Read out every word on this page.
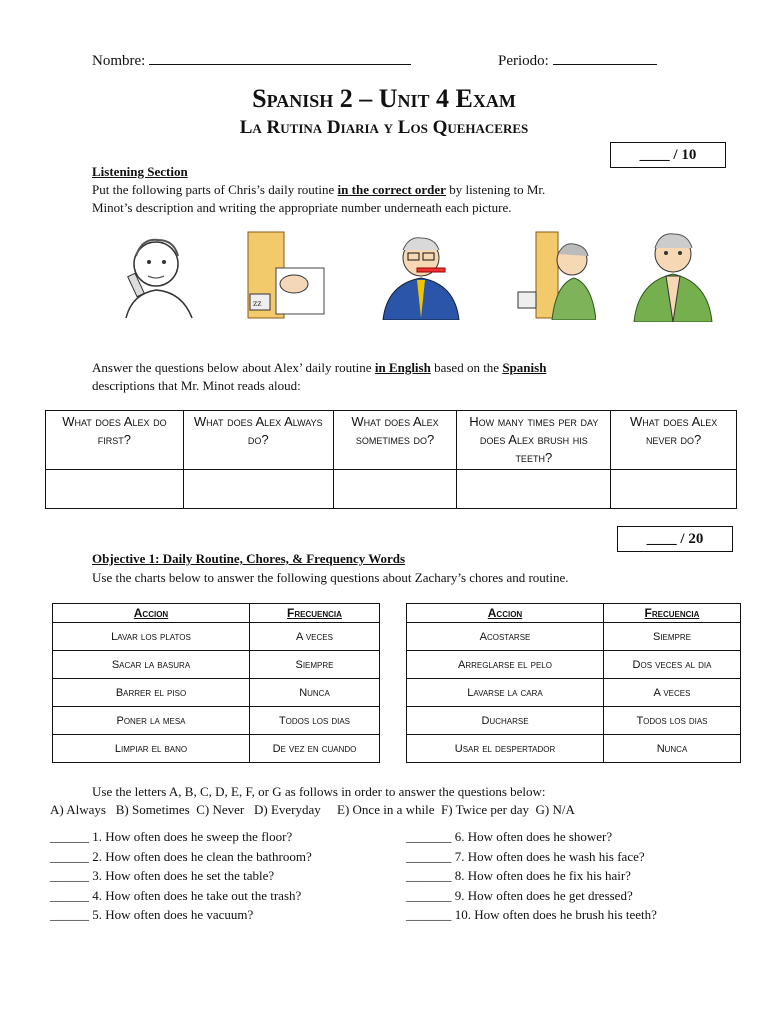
Nombre:	Periodo:
Spanish 2 – Unit 4 Exam
La Rutina Diaria y Los Quehaceres
____ / 10
Listening Section
Put the following parts of Chris’s daily routine in the correct order by listening to Mr.
Minot’s description and writing the appropriate number underneath each picture.
zz
Answer the questions below about Alex’ daily routine in English based on the Spanish
descriptions that Mr. Minot reads aloud:
What does Alex do first?	What does Alex Always do?	What does Alex sometimes do?	How many times per day does Alex brush his teeth?	What does Alex never do?

____ / 20
Objective 1: Daily Routine, Chores, & Frequency Words
Use the charts below to answer the following questions about Zachary’s chores and routine.
Accion	Frecuencia
Lavar los platos	A veces
Sacar la basura	Siempre
Barrer el piso	Nunca
Poner la mesa	Todos los dias
Limpiar el bano	De vez en cuando
Accion	Frecuencia
Acostarse	Siempre
Arreglarse el pelo	Dos veces al dia
Lavarse la cara	A veces
Ducharse	Todos los dias
Usar el despertador	Nunca
Use the letters A, B, C, D, E, F, or G as follows in order to answer the questions below:
A) Always   B) Sometimes  C) Never   D) Everyday     E) Once in a while  F) Twice per day  G) N/A
______ 1. How often does he sweep the floor?
______ 2. How often does he clean the bathroom?
______ 3. How often does he set the table?
______ 4. How often does he take out the trash?
______ 5. How often does he vacuum?
_______ 6. How often does he shower?
_______ 7. How often does he wash his face?
_______ 8. How often does he fix his hair?
_______ 9. How often does he get dressed?
_______ 10. How often does he brush his teeth?
